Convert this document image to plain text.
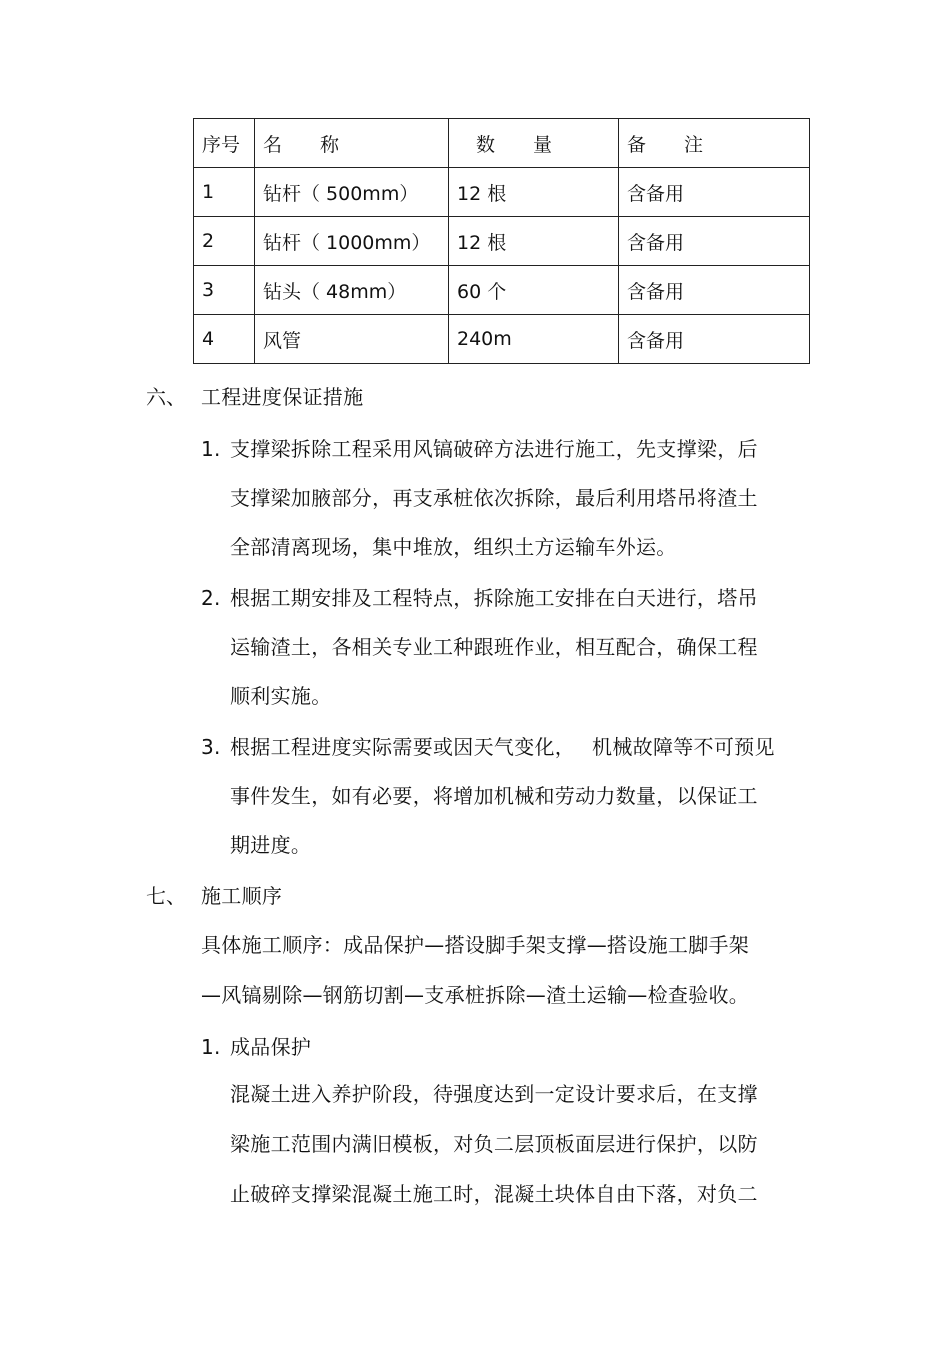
序号	名　　称	　数　　量	备　　注
1	钻杆（ 500mm）	12 根	含备用
2	钻杆（ 1000mm）	12 根	含备用
3	钻头（ 48mm）	60 个	含备用
4	风管	240m	含备用
六、 工程进度保证措施
1. 支撑梁拆除工程采用风镐破碎方法进行施工，先支撑梁，后
支撑梁加腋部分，再支承桩依次拆除，最后利用塔吊将渣土
全部清离现场，集中堆放，组织土方运输车外运。
2. 根据工期安排及工程特点，拆除施工安排在白天进行，塔吊
运输渣土，各相关专业工种跟班作业，相互配合，确保工程
顺利实施。
3. 根据工程进度实际需要或因天气变化，　 机械故障等不可预见
事件发生，如有必要，将增加机械和劳动力数量，以保证工
期进度。
七、 施工顺序
具体施工顺序：成品保护—搭设脚手架支撑—搭设施工脚手架
—风镐剔除—钢筋切割—支承桩拆除—渣土运输—检查验收。
1. 成品保护
混凝土进入养护阶段，待强度达到一定设计要求后，在支撑
梁施工范围内满旧模板，对负二层顶板面层进行保护，以防
止破碎支撑梁混凝土施工时，混凝土块体自由下落，对负二
